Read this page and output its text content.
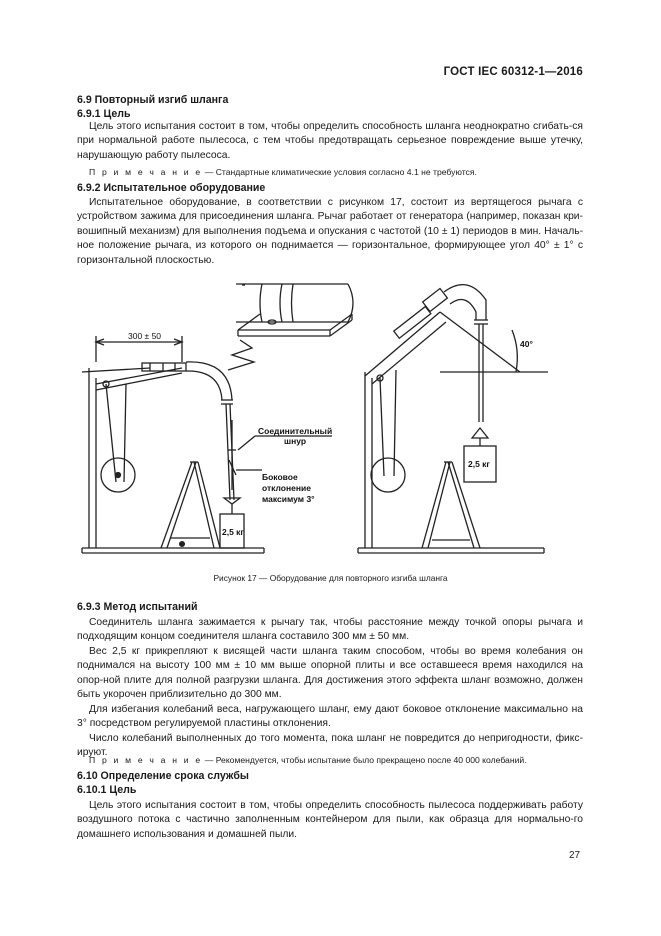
ГОСТ IEC 60312-1—2016
6.9 Повторный изгиб шланга
6.9.1 Цель
Цель этого испытания состоит в том, чтобы определить способность шланга неоднократно сгибать-ся при нормальной работе пылесоса, с тем чтобы предотвращать серьезное повреждение выше утечку, нарушающую работу пылесоса.
П р и м е ч а н и е — Стандартные климатические условия согласно 4.1 не требуются.
6.9.2 Испытательное оборудование
Испытательное оборудование, в соответствии с рисунком 17, состоит из вертящегося рычага с устройством зажима для присоединения шланга. Рычаг работает от генератора (например, показан кри-вошипный механизм) для выполнения подъема и опускания с частотой (10 ± 1) периодов в мин. Началь-ное положение рычага, из которого он поднимается — горизонтальное, формирующее угол 40° ± 1° с горизонтальной плоскостью.
300 ± 50
Соединительный
шнур
Боковое
отклонение
максимум 3°
2,5 кг
2,5 кг
40°
Рисунок 17 — Оборудование для повторного изгиба шланга
6.9.3 Метод испытаний
Соединитель шланга зажимается к рычагу так, чтобы расстояние между точкой опоры рычага и подходящим концом соединителя шланга составило 300 мм ± 50 мм.
Вес 2,5 кг прикрепляют к висящей части шланга таким способом, чтобы во время колебания он поднимался на высоту 100 мм ± 10 мм выше опорной плиты и все оставшееся время находился на опор-ной плите для полной разгрузки шланга. Для достижения этого эффекта шланг возможно, должен быть укорочен приблизительно до 300 мм.
Для избегания колебаний веса, нагружающего шланг, ему дают боковое отклонение максимально на 3° посредством регулируемой пластины отклонения.
Число колебаний выполненных до того момента, пока шланг не повредится до непригодности, фикс-ируют.
П р и м е ч а н и е — Рекомендуется, чтобы испытание было прекращено после 40 000 колебаний.
6.10 Определение срока службы
6.10.1 Цель
Цель этого испытания состоит в том, чтобы определить способность пылесоса поддерживать работу воздушного потока с частично заполненным контейнером для пыли, как образца для нормально-го домашнего использования и домашней пыли.
27
